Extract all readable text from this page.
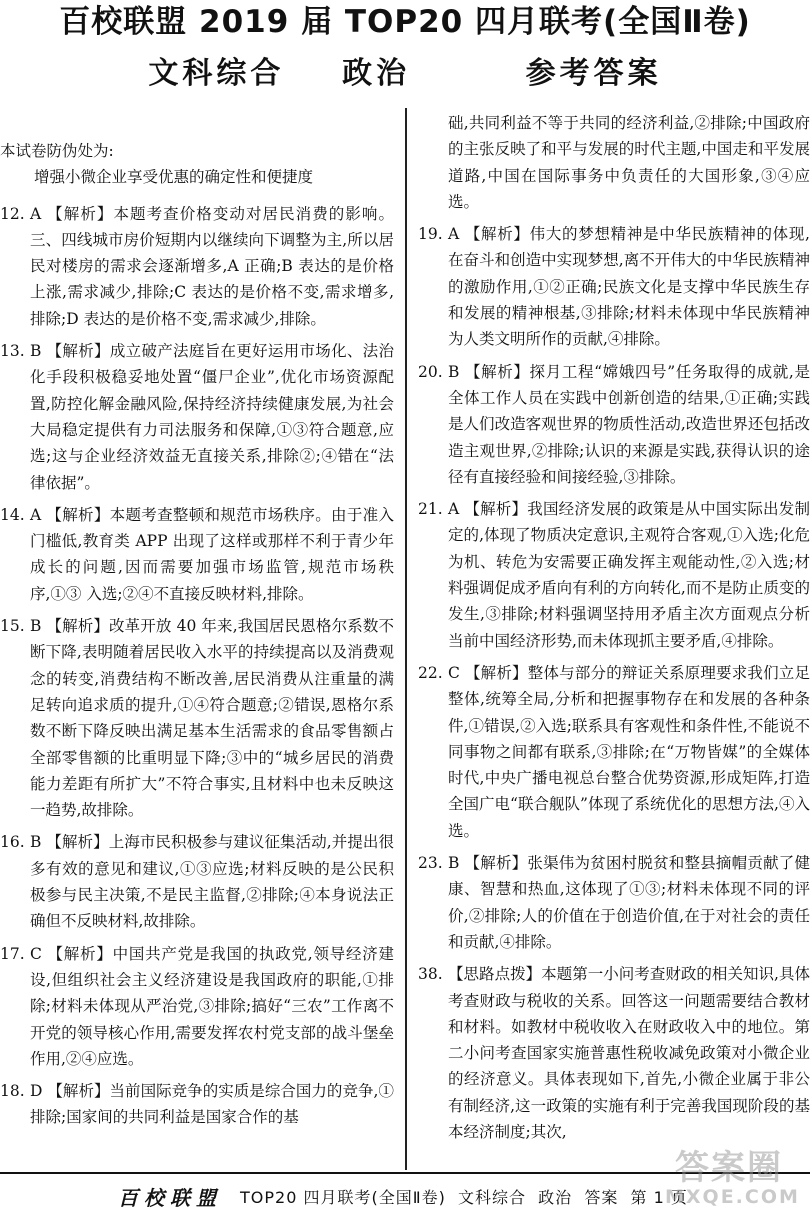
百校联盟 2019 届 TOP20 四月联考(全国Ⅱ卷)
文科综合    政治        参考答案

本试卷防伪处为:

增强小微企业享受优惠的确定性和便捷度

12. A 【解析】本题考查价格变动对居民消费的影响。三、四线城市房价短期内以继续向下调整为主,所以居民对楼房的需求会逐渐增多,A 正确;B 表达的是价格上涨,需求减少,排除;C 表达的是价格不变,需求增多,排除;D 表达的是价格不变,需求减少,排除。
13. B 【解析】成立破产法庭旨在更好运用市场化、法治化手段积极稳妥地处置“僵尸企业”,优化市场资源配置,防控化解金融风险,保持经济持续健康发展,为社会大局稳定提供有力司法服务和保障,①③符合题意,应选;这与企业经济效益无直接关系,排除②;④错在“法律依据”。
14. A 【解析】本题考查整顿和规范市场秩序。由于准入门槛低,教育类 APP 出现了这样或那样不利于青少年成长的问题,因而需要加强市场监管,规范市场秩序,①③ 入选;②④不直接反映材料,排除。
15. B 【解析】改革开放 40 年来,我国居民恩格尔系数不断下降,表明随着居民收入水平的持续提高以及消费观念的转变,消费结构不断改善,居民消费从注重量的满足转向追求质的提升,①④符合题意;②错误,恩格尔系数不断下降反映出满足基本生活需求的食品零售额占全部零售额的比重明显下降;③中的“城乡居民的消费能力差距有所扩大”不符合事实,且材料中也未反映这一趋势,故排除。
16. B 【解析】上海市民积极参与建议征集活动,并提出很多有效的意见和建议,①③应选;材料反映的是公民积极参与民主决策,不是民主监督,②排除;④本身说法正确但不反映材料,故排除。
17. C 【解析】中国共产党是我国的执政党,领导经济建设,但组织社会主义经济建设是我国政府的职能,①排除;材料未体现从严治党,③排除;搞好“三农”工作离不开党的领导核心作用,需要发挥农村党支部的战斗堡垒作用,②④应选。
18. D 【解析】当前国际竞争的实质是综合国力的竞争,①排除;国家间的共同利益是国家合作的基

础,共同利益不等于共同的经济利益,②排除;中国政府的主张反映了和平与发展的时代主题,中国走和平发展道路,中国在国际事务中负责任的大国形象,③④应选。

19. A 【解析】伟大的梦想精神是中华民族精神的体现,在奋斗和创造中实现梦想,离不开伟大的中华民族精神的激励作用,①②正确;民族文化是支撑中华民族生存和发展的精神根基,③排除;材料未体现中华民族精神为人类文明所作的贡献,④排除。
20. B 【解析】探月工程“嫦娥四号”任务取得的成就,是全体工作人员在实践中创新创造的结果,①正确;实践是人们改造客观世界的物质性活动,改造世界还包括改造主观世界,②排除;认识的来源是实践,获得认识的途径有直接经验和间接经验,③排除。
21. A 【解析】我国经济发展的政策是从中国实际出发制定的,体现了物质决定意识,主观符合客观,①入选;化危为机、转危为安需要正确发挥主观能动性,②入选;材料强调促成矛盾向有利的方向转化,而不是防止质变的发生,③排除;材料强调坚持用矛盾主次方面观点分析当前中国经济形势,而未体现抓主要矛盾,④排除。
22. C 【解析】整体与部分的辩证关系原理要求我们立足整体,统筹全局,分析和把握事物存在和发展的各种条件,①错误,②入选;联系具有客观性和条件性,不能说不同事物之间都有联系,③排除;在“万物皆媒”的全媒体时代,中央广播电视总台整合优势资源,形成矩阵,打造全国广电“联合舰队”体现了系统优化的思想方法,④入选。
23. B 【解析】张渠伟为贫困村脱贫和整县摘帽贡献了健康、智慧和热血,这体现了①③;材料未体现不同的评价,②排除;人的价值在于创造价值,在于对社会的责任和贡献,④排除。
38. 【思路点拨】本题第一小问考查财政的相关知识,具体考查财政与税收的关系。回答这一问题需要结合教材和材料。如教材中税收收入在财政收入中的地位。第二小问考查国家实施普惠性税收减免政策对小微企业的经济意义。具体表现如下,首先,小微企业属于非公有制经济,这一政策的实施有利于完善我国现阶段的基本经济制度;其次,
百校联盟 TOP20 四月联考(全国Ⅱ卷)  文科综合  政治  答案  第 1 页
答案圈
MXQE.COM
